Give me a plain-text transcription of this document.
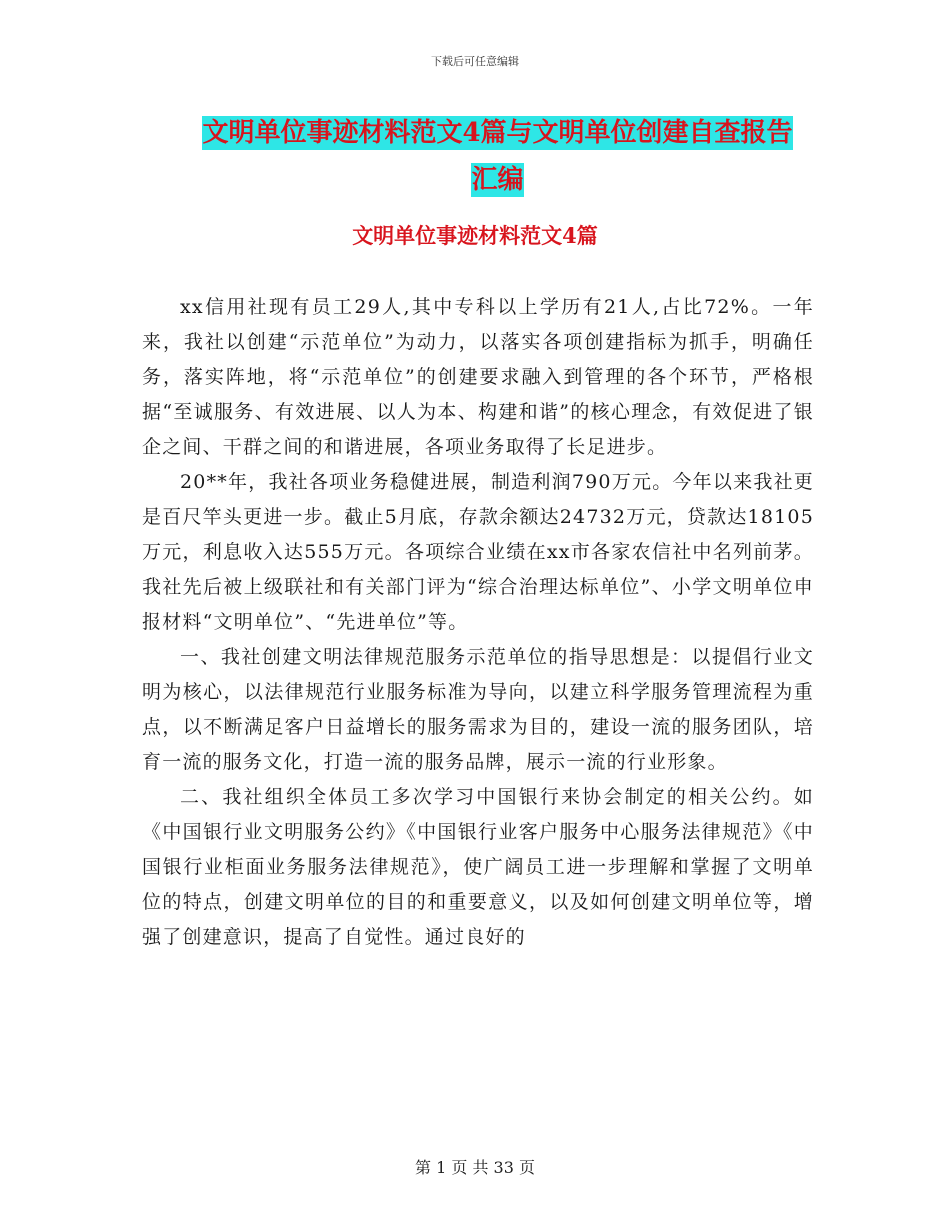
下载后可任意编辑
文明单位事迹材料范文4篇与文明单位创建自查报告
汇编
文明单位事迹材料范文4篇

xx信用社现有员工29人,其中专科以上学历有21人,占比72%。一年来，我社以创建“示范单位”为动力，以落实各项创建指标为抓手，明确任务，落实阵地，将“示范单位”的创建要求融入到管理的各个环节，严格根据“至诚服务、有效进展、以人为本、构建和谐”的核心理念，有效促进了银企之间、干群之间的和谐进展，各项业务取得了长足进步。

20**年，我社各项业务稳健进展，制造利润790万元。今年以来我社更是百尺竿头更进一步。截止5月底，存款余额达24732万元，贷款达18105万元，利息收入达555万元。各项综合业绩在xx市各家农信社中名列前茅。我社先后被上级联社和有关部门评为“综合治理达标单位”、小学文明单位申报材料“文明单位”、“先进单位”等。

一、我社创建文明法律规范服务示范单位的指导思想是：以提倡行业文明为核心，以法律规范行业服务标准为导向，以建立科学服务管理流程为重点，以不断满足客户日益增长的服务需求为目的，建设一流的服务团队，培育一流的服务文化，打造一流的服务品牌，展示一流的行业形象。

二、我社组织全体员工多次学习中国银行来协会制定的相关公约。如《中国银行业文明服务公约》《中国银行业客户服务中心服务法律规范》《中国银行业柜面业务服务法律规范》，使广阔员工进一步理解和掌握了文明单位的特点，创建文明单位的目的和重要意义，以及如何创建文明单位等，增强了创建意识，提高了自觉性。通过良好的

第 1 页 共 33 页
